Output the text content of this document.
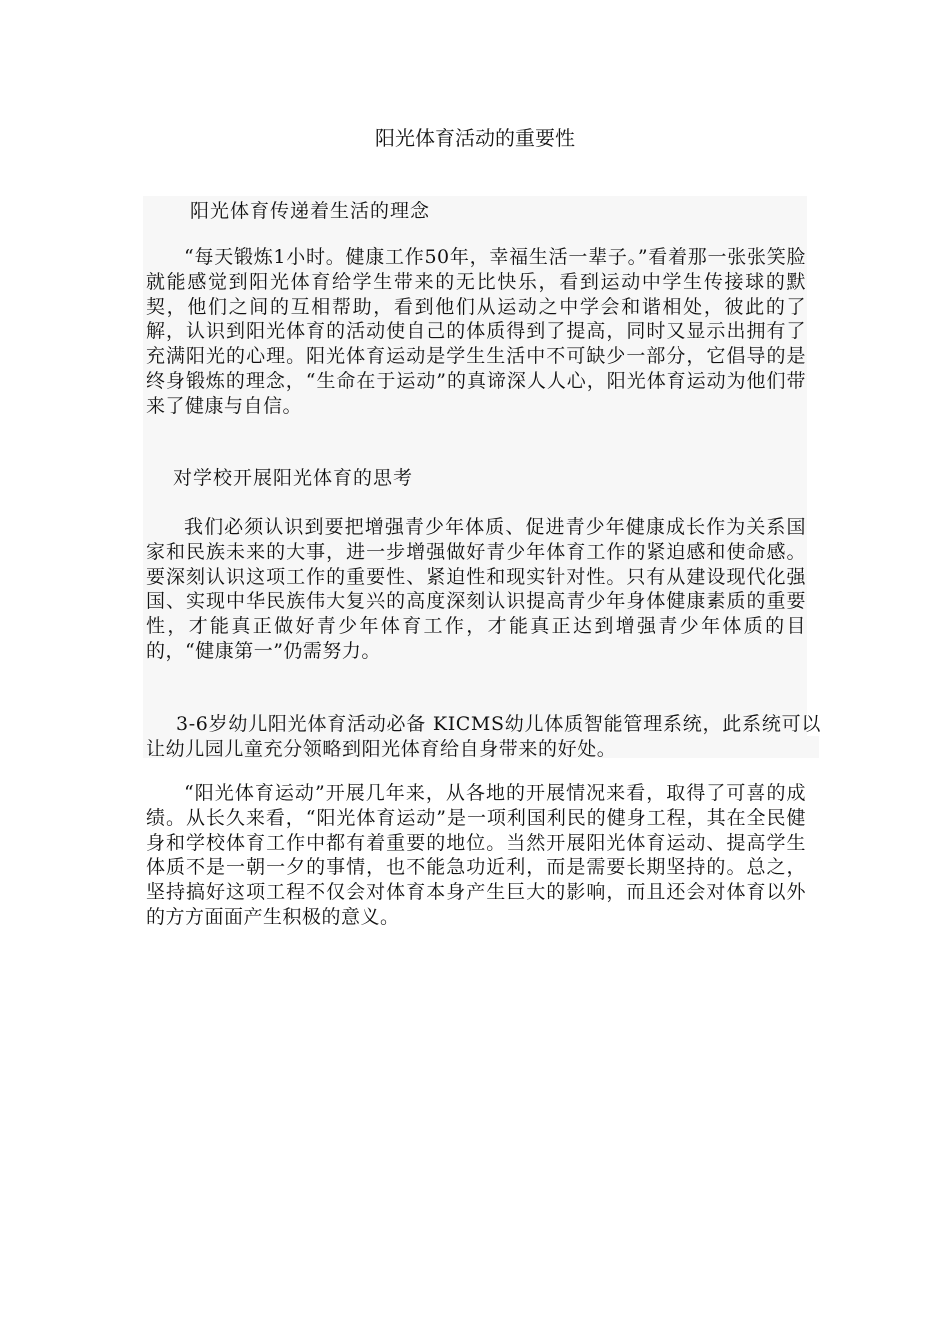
阳光体育活动的重要性
阳光体育传递着生活的理念

“每天锻炼1小时。健康工作50年，幸福生活一辈子。”看着那一张张笑脸就能感觉到阳光体育给学生带来的无比快乐，看到运动中学生传接球的默契，他们之间的互相帮助，看到他们从运动之中学会和谐相处，彼此的了解，认识到阳光体育的活动使自己的体质得到了提高，同时又显示出拥有了充满阳光的心理。阳光体育运动是学生生活中不可缺少一部分，它倡导的是终身锻炼的理念，“生命在于运动”的真谛深人人心，阳光体育运动为他们带来了健康与自信。

对学校开展阳光体育的思考

我们必须认识到要把增强青少年体质、促进青少年健康成长作为关系国家和民族未来的大事，进一步增强做好青少年体育工作的紧迫感和使命感。要深刻认识这项工作的重要性、紧迫性和现实针对性。只有从建设现代化强国、实现中华民族伟大复兴的高度深刻认识提高青少年身体健康素质的重要性，才能真正做好青少年体育工作，才能真正达到增强青少年体质的目的，“健康第一”仍需努力。

3-6岁幼儿阳光体育活动必备 KICMS幼儿体质智能管理系统，此系统可以让幼儿园儿童充分领略到阳光体育给自身带来的好处。

“阳光体育运动”开展几年来，从各地的开展情况来看，取得了可喜的成绩。从长久来看，“阳光体育运动”是一项利国利民的健身工程，其在全民健身和学校体育工作中都有着重要的地位。当然开展阳光体育运动、提高学生体质不是一朝一夕的事情，也不能急功近利，而是需要长期坚持的。总之，坚持搞好这项工程不仅会对体育本身产生巨大的影响，而且还会对体育以外的方方面面产生积极的意义。
